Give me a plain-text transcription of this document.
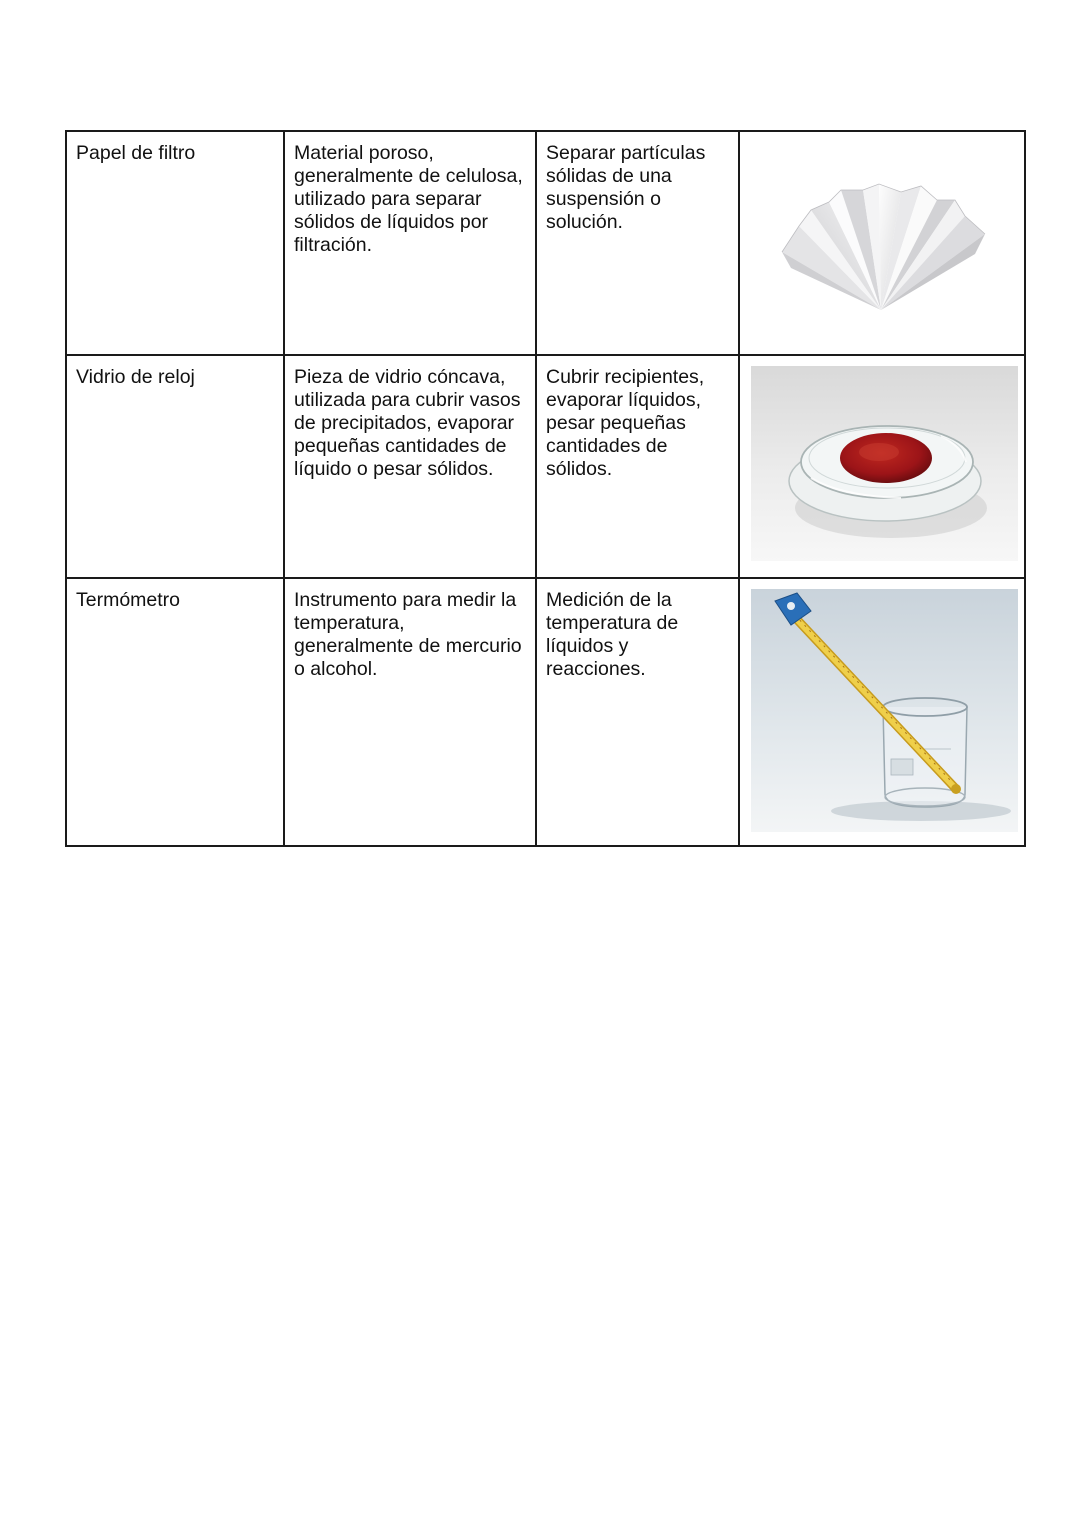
Papel de filtro	Material poroso, generalmente de celulosa, utilizado para separar sólidos de líquidos por filtración.	Separar partículas sólidas de una suspensión o solución.	

Vidrio de reloj	Pieza de vidrio cóncava, utilizada para cubrir vasos de precipitados, evaporar pequeñas cantidades de líquido o pesar sólidos.	Cubrir recipientes, evaporar líquidos, pesar pequeñas cantidades de sólidos.	

Termómetro	Instrumento para medir la temperatura, generalmente de mercurio o alcohol.	Medición de la temperatura de líquidos y reacciones.	
